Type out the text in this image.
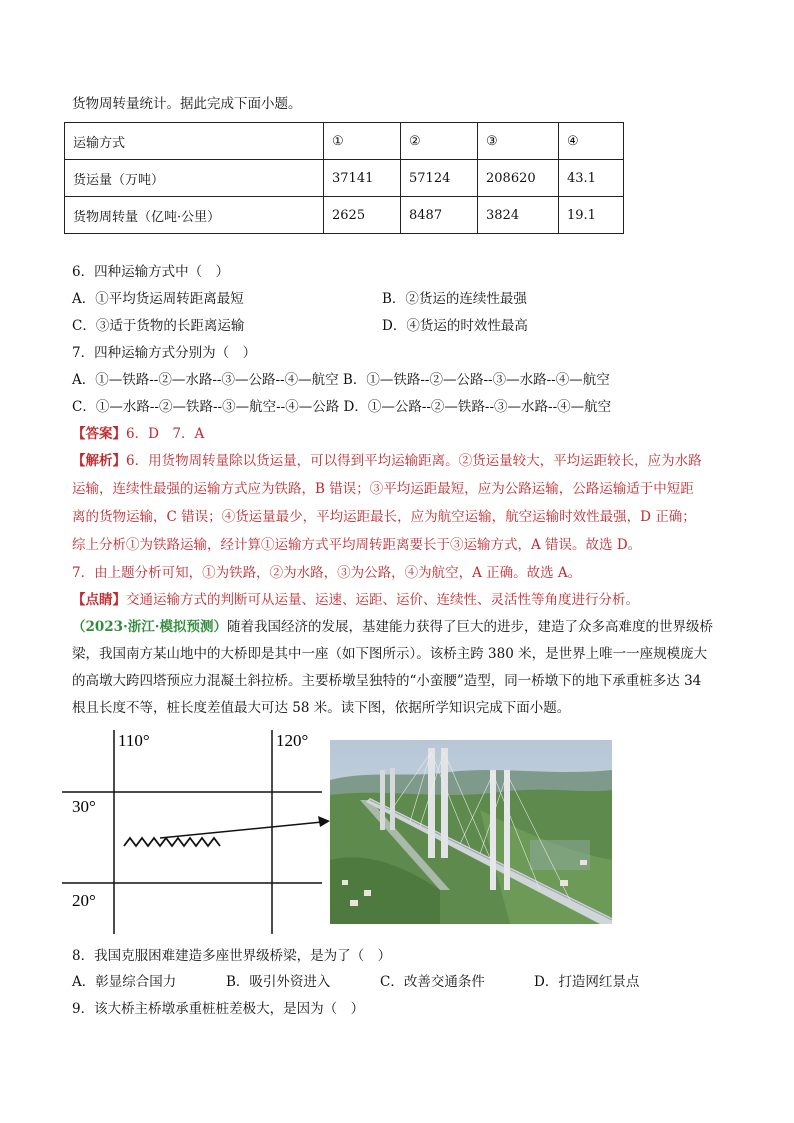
货物周转量统计。据此完成下面小题。
运输方式	①	②	③	④
货运量（万吨）	37141	57124	208620	43.1
货物周转量（亿吨·公里）	2625	8487	3824	19.1
6．四种运输方式中（　）
A．①平均货运周转距离最短	B．②货运的连续性最强
C．③适于货物的长距离运输	D．④货运的时效性最高
7．四种运输方式分别为（　）
A．①—铁路--②—水路--③—公路--④—航空 B．①—铁路--②—公路--③—水路--④—航空
C．①—水路--②—铁路--③—航空--④—公路 D．①—公路--②—铁路--③—水路--④—航空
【答案】6．D　7．A
【解析】6．用货物周转量除以货运量，可以得到平均运输距离。②货运量较大，平均运距较长，应为水路
运输，连续性最强的运输方式应为铁路，B 错误；③平均运距最短，应为公路运输，公路运输适于中短距
离的货物运输，C 错误；④货运量最少，平均运距最长，应为航空运输，航空运输时效性最强，D 正确；
综上分析①为铁路运输，经计算①运输方式平均周转距离要长于③运输方式，A 错误。故选 D。
7．由上题分析可知，①为铁路，②为水路，③为公路，④为航空，A 正确。故选 A。
【点睛】交通运输方式的判断可从运量、运速、运距、运价、连续性、灵活性等角度进行分析。
（2023·浙江·模拟预测）随着我国经济的发展，基建能力获得了巨大的进步，建造了众多高难度的世界级桥
梁，我国南方某山地中的大桥即是其中一座（如下图所示）。该桥主跨 380 米，是世界上唯一一座规模庞大
的高墩大跨四塔预应力混凝土斜拉桥。主要桥墩呈独特的“小蛮腰”造型，同一桥墩下的地下承重桩多达 34
根且长度不等，桩长度差值最大可达 58 米。读下图，依据所学知识完成下面小题。
110°	120°
30°
20°
8．我国克服困难建造多座世界级桥梁，是为了（　）
A．彰显综合国力	B．吸引外资进入	C．改善交通条件	D．打造网红景点
9．该大桥主桥墩承重桩桩差极大，是因为（　）
